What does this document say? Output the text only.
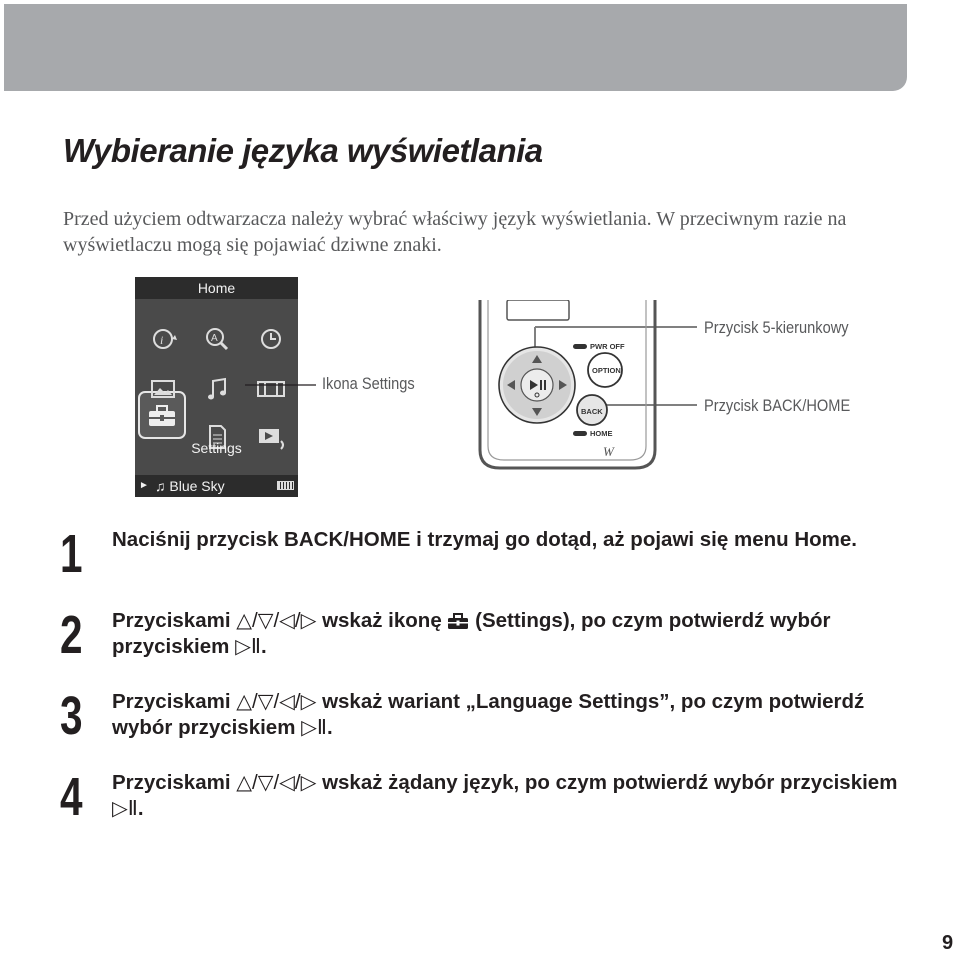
Wybieranie języka wyświetlania

Przed użyciem odtwarzacza należy wybrać właściwy język wyświetlania. W przeciwnym razie na wyświetlaczu mogą się pojawiać dziwne znaki.

Home
i	A
Settings
► ♫ Blue Sky
PWR OFF
OPTION
BACK
HOME
W
Ikona Settings
Przycisk 5-kierunkowy
Przycisk BACK/HOME
1 Naciśnij przycisk BACK/HOME i trzymaj go dotąd, aż pojawi się menu Home.
2 Przyciskami △/▽/◁/▷ wskaż ikonę  (Settings), po czym potwierdź wybór przyciskiem ▷Ⅱ.
3 Przyciskami △/▽/◁/▷ wskaż wariant „Language Settings”, po czym potwierdź wybór przyciskiem ▷Ⅱ.
4 Przyciskami △/▽/◁/▷ wskaż żądany język, po czym potwierdź wybór przyciskiem ▷Ⅱ.
9
